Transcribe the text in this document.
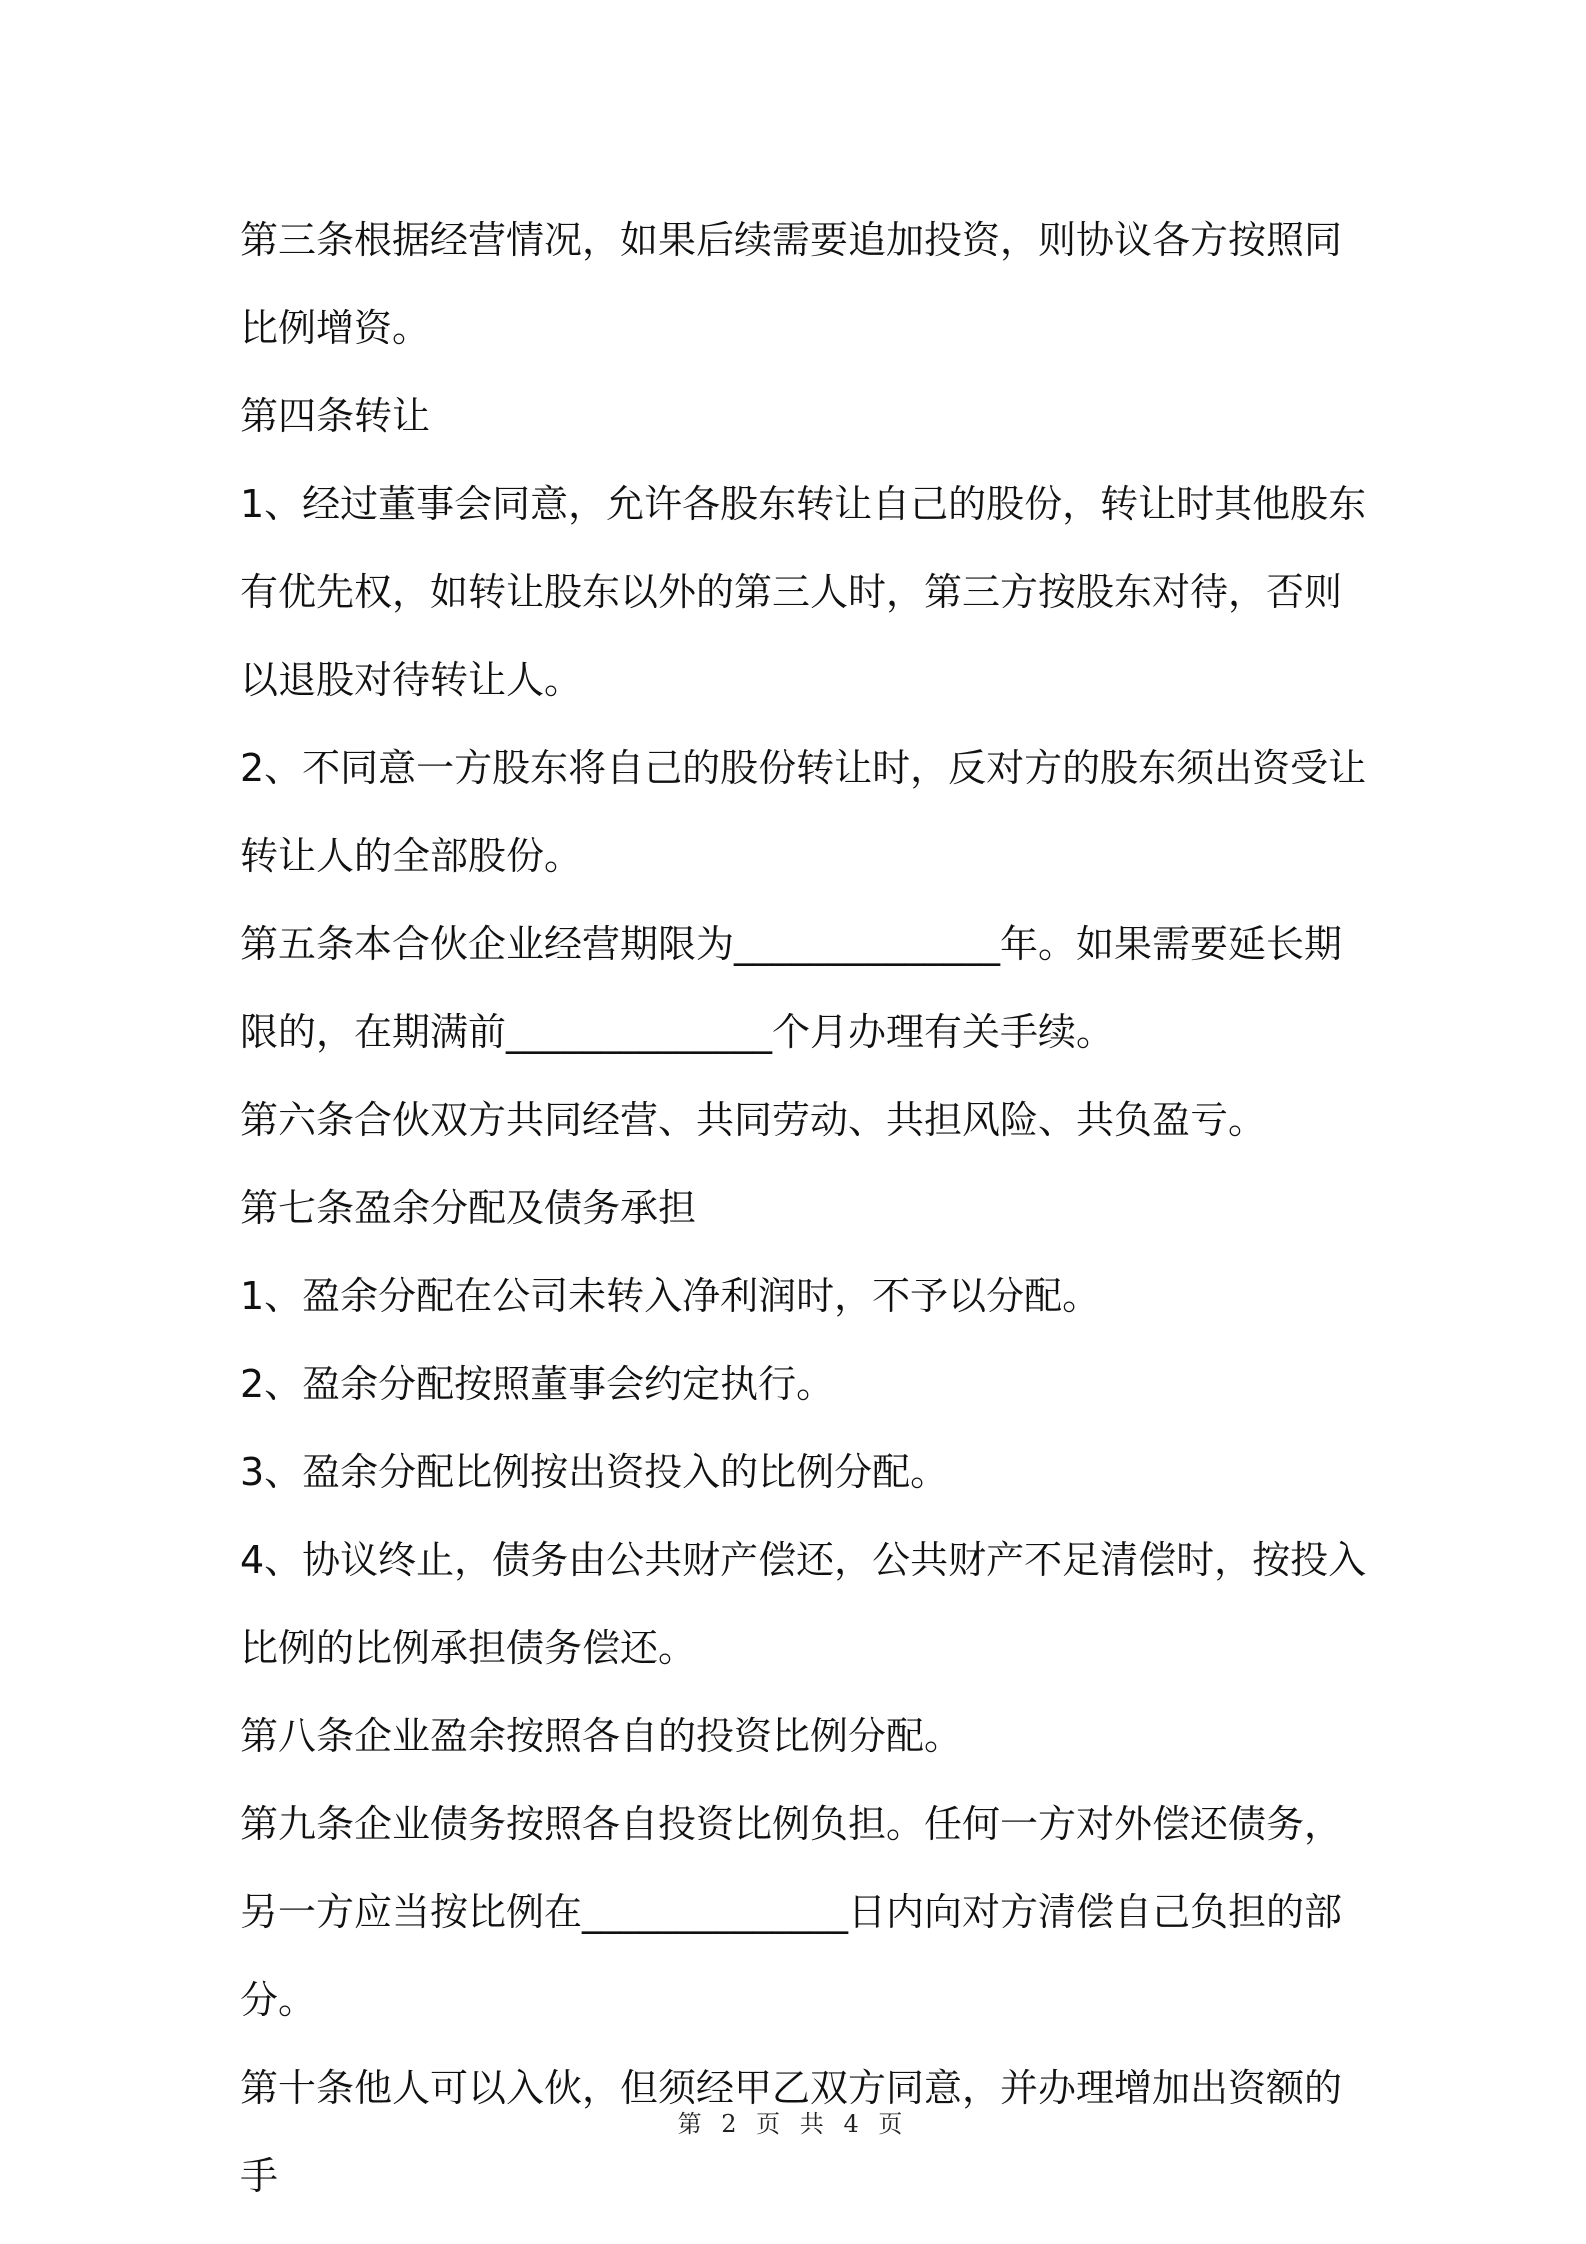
第三条根据经营情况，如果后续需要追加投资，则协议各方按照同比例增资。

第四条转让

1、经过董事会同意，允许各股东转让自己的股份，转让时其他股东有优先权，如转让股东以外的第三人时，第三方按股东对待，否则以退股对待转让人。

2、不同意一方股东将自己的股份转让时，反对方的股东须出资受让转让人的全部股份。

第五条本合伙企业经营期限为______________年。如果需要延长期限的，在期满前______________个月办理有关手续。

第六条合伙双方共同经营、共同劳动、共担风险、共负盈亏。

第七条盈余分配及债务承担

1、盈余分配在公司未转入净利润时，不予以分配。

2、盈余分配按照董事会约定执行。

3、盈余分配比例按出资投入的比例分配。

4、协议终止，债务由公共财产偿还，公共财产不足清偿时，按投入比例的比例承担债务偿还。

第八条企业盈余按照各自的投资比例分配。

第九条企业债务按照各自投资比例负担。任何一方对外偿还债务，另一方应当按比例在______________日内向对方清偿自己负担的部分。

第十条他人可以入伙，但须经甲乙双方同意，并办理增加出资额的手

第 2 页 共 4 页
